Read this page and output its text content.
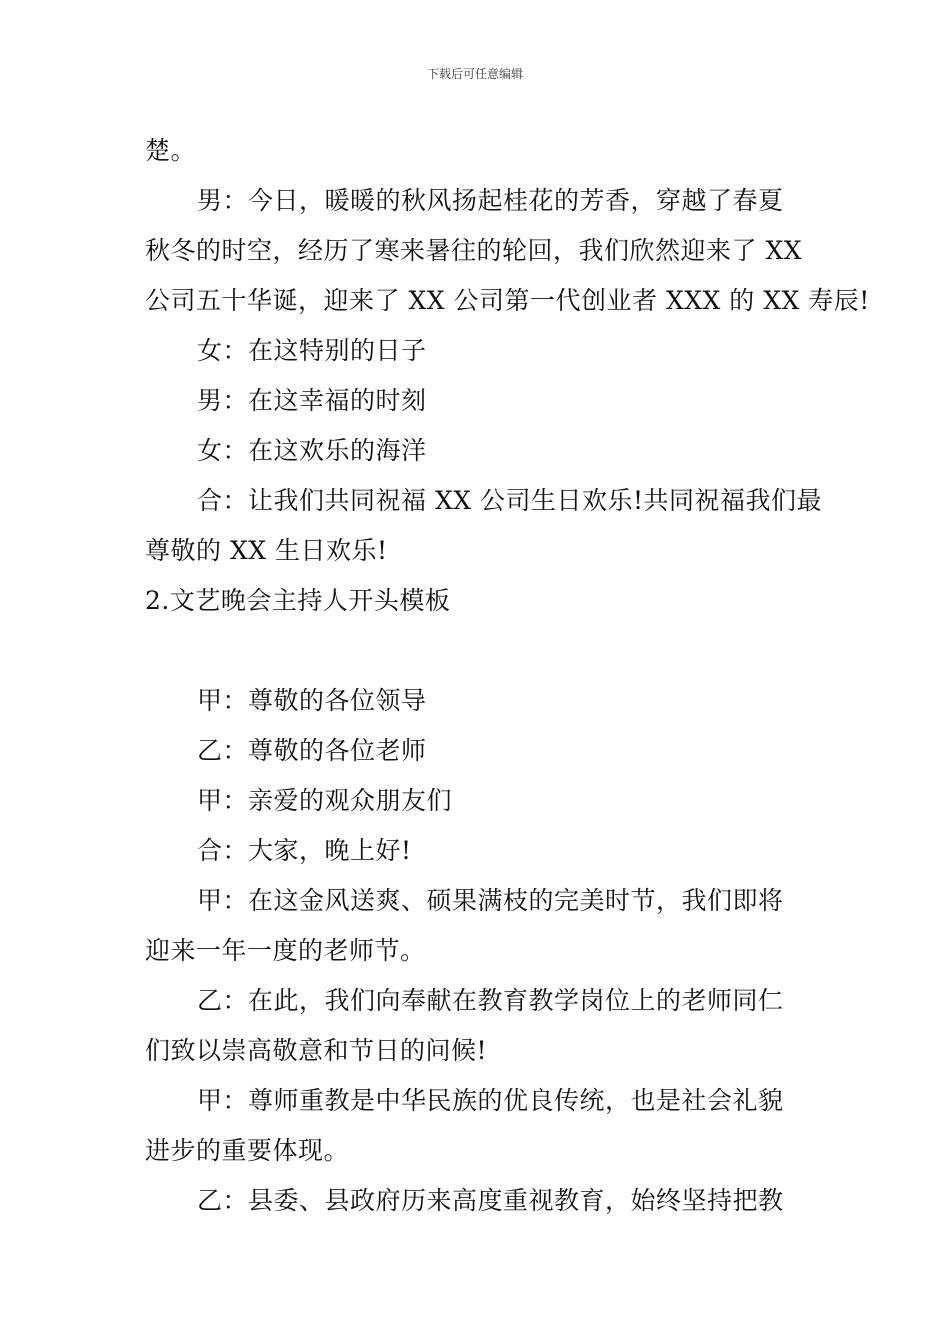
下载后可任意编辑
楚。
男：今日，暖暖的秋风扬起桂花的芳香，穿越了春夏
秋冬的时空，经历了寒来暑往的轮回，我们欣然迎来了 XX
公司五十华诞，迎来了 XX 公司第一代创业者 XXX 的 XX 寿辰!
女：在这特别的日子
男：在这幸福的时刻
女：在这欢乐的海洋
合：让我们共同祝福 XX 公司生日欢乐!共同祝福我们最
尊敬的 XX 生日欢乐!
2.文艺晚会主持人开头模板
甲：尊敬的各位领导
乙：尊敬的各位老师
甲：亲爱的观众朋友们
合：大家，晚上好!
甲：在这金风送爽、硕果满枝的完美时节，我们即将
迎来一年一度的老师节。
乙：在此，我们向奉献在教育教学岗位上的老师同仁
们致以崇高敬意和节日的问候!
甲：尊师重教是中华民族的优良传统，也是社会礼貌
进步的重要体现。
乙：县委、县政府历来高度重视教育，始终坚持把教
